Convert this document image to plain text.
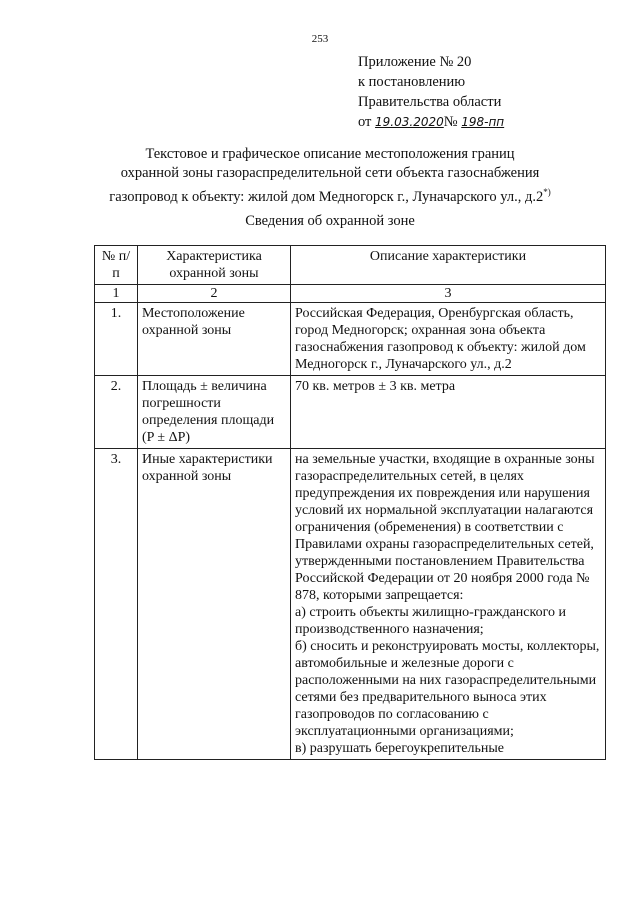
253
Приложение № 20
к постановлению
Правительства области
от 19.03.2020№ 198-пп
Текстовое и графическое описание местоположения границ
охранной зоны газораспределительной сети объекта газоснабжения
газопровод к объекту: жилой дом Медногорск г., Луначарского ул., д.2*)
Сведения об охранной зоне
№ п/п	Характеристика охранной зоны	Описание характеристики
1	2	3
1.	Местоположение охранной зоны	Российская Федерация, Оренбургская область, город Медногорск; охранная зона объекта газоснабжения газопровод к объекту: жилой дом Медногорск г., Луначарского ул., д.2

2.	Площадь ± величина погрешности определения площади (P ± ΔP)	70 кв. метров ± 3 кв. метра

3.	Иные характеристики охранной зоны	на земельные участки, входящие в охранные зоны газораспределительных сетей, в целях предупреждения их повреждения или нарушения условий их нормальной эксплуатации налагаются ограничения (обременения) в соответствии с Правилами охраны газораспределительных сетей, утвержденными постановлением Правительства Российской Федерации от 20 ноября 2000 года № 878, которыми запрещается:
а) строить объекты жилищно-гражданского и производственного назначения;
б) сносить и реконструировать мосты, коллекторы, автомобильные и железные дороги с расположенными на них газораспределительными сетями без предварительного выноса этих газопроводов по согласованию с эксплуатационными организациями;
в) разрушать берегоукрепительные
